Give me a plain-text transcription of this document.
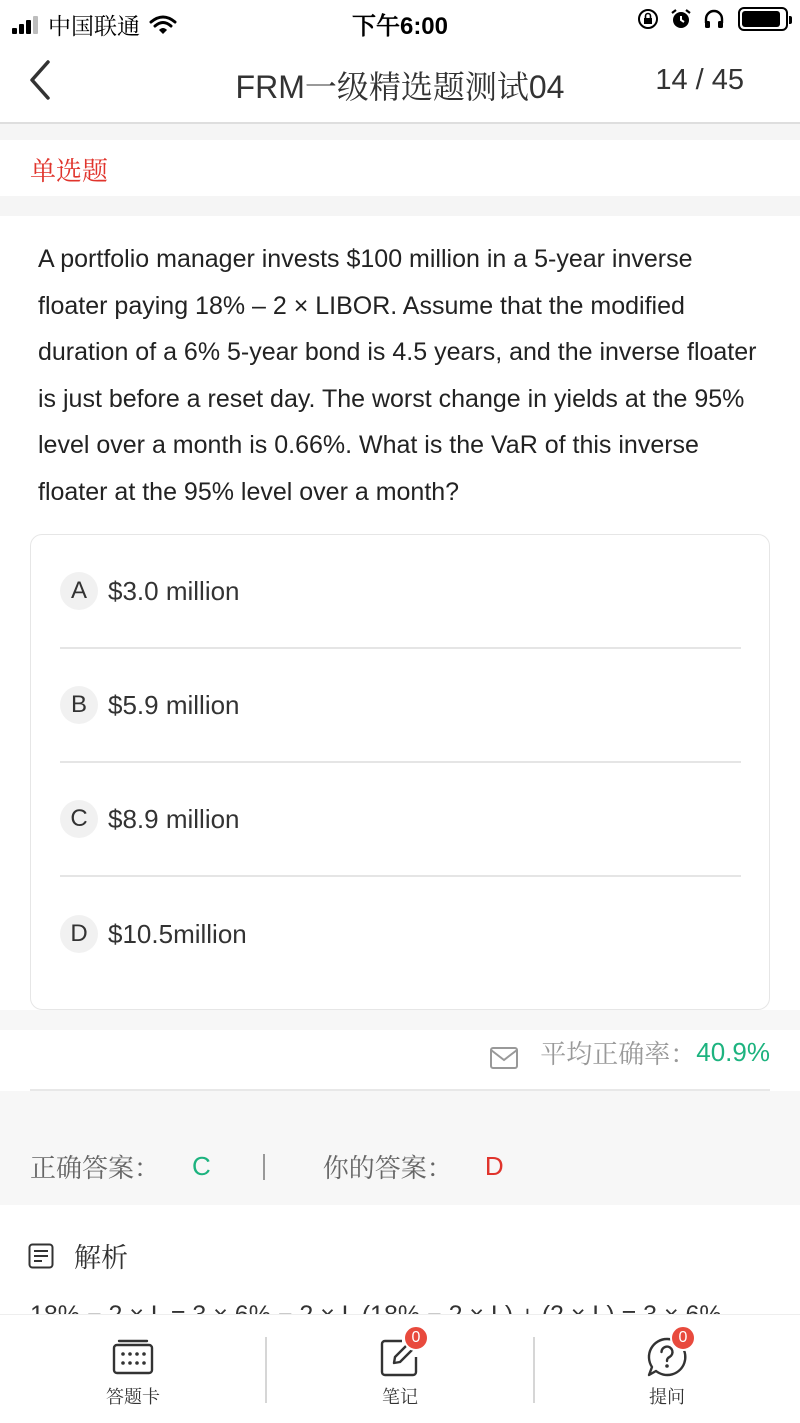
中国联通	下午6:00
FRM一级精选题测试04	14 / 45
单选题
A portfolio manager invests $100 million in a 5-year inverse floater paying 18% – 2 × LIBOR. Assume that the modified duration of a 6% 5-year bond is 4.5 years, and the inverse floater is just before a reset day. The worst change in yields at the 95% level over a month is 0.66%. What is the VaR of this inverse floater at the 95% level over a month?
A $3.0 million
B $5.9 million
C $8.9 million
D $10.5million
平均正确率： 40.9%
正确答案： C	你的答案： D
解析
答题卡
0
笔记
0
提问
